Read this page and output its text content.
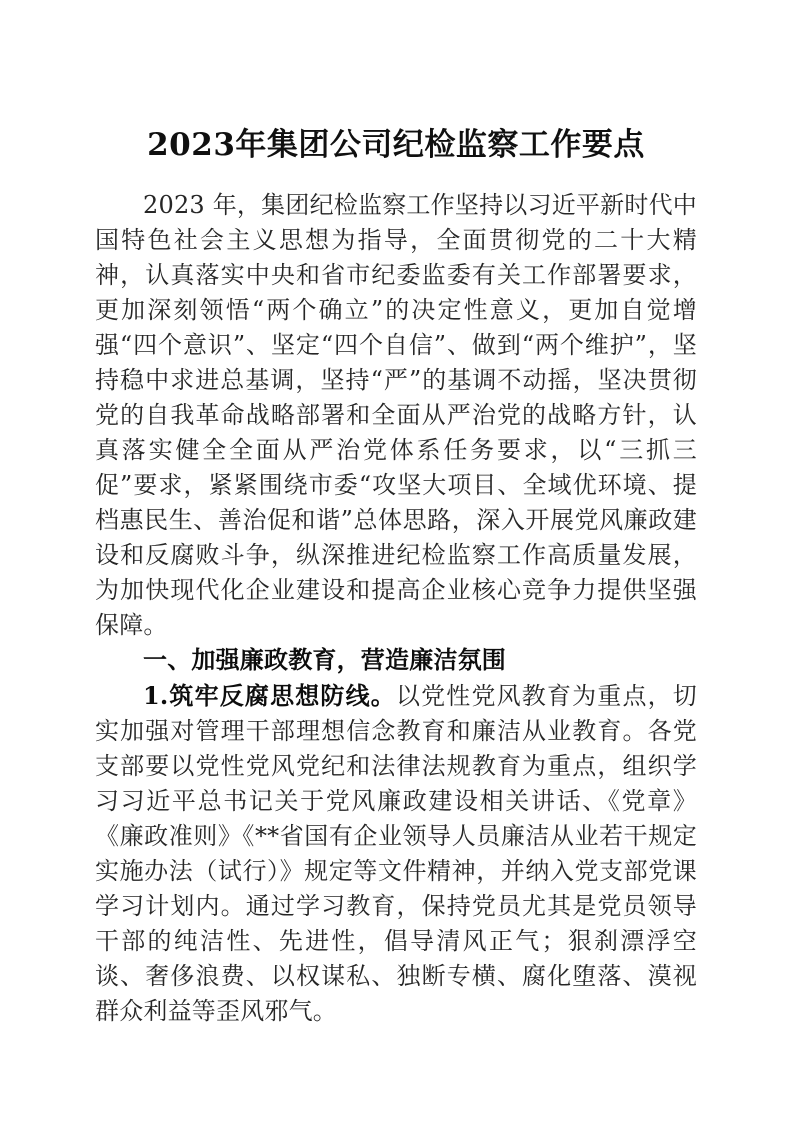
2023年集团公司纪检监察工作要点

2023 年，集团纪检监察工作坚持以习近平新时代中国特色社会主义思想为指导，全面贯彻党的二十大精神，认真落实中央和省市纪委监委有关工作部署要求，更加深刻领悟“两个确立”的决定性意义，更加自觉增强“四个意识”、坚定“四个自信”、做到“两个维护”，坚持稳中求进总基调，坚持“严”的基调不动摇，坚决贯彻党的自我革命战略部署和全面从严治党的战略方针，认真落实健全全面从严治党体系任务要求，以“三抓三促”要求，紧紧围绕市委“攻坚大项目、全域优环境、提档惠民生、善治促和谐”总体思路，深入开展党风廉政建设和反腐败斗争，纵深推进纪检监察工作高质量发展，为加快现代化企业建设和提高企业核心竞争力提供坚强保障。

一、加强廉政教育，营造廉洁氛围

1.筑牢反腐思想防线。以党性党风教育为重点，切实加强对管理干部理想信念教育和廉洁从业教育。各党支部要以党性党风党纪和法律法规教育为重点，组织学习习近平总书记关于党风廉政建设相关讲话、《党章》《廉政准则》《**省国有企业领导人员廉洁从业若干规定实施办法（试行）》规定等文件精神，并纳入党支部党课学习计划内。通过学习教育，保持党员尤其是党员领导干部的纯洁性、先进性，倡导清风正气；狠刹漂浮空谈、奢侈浪费、以权谋私、独断专横、腐化堕落、漠视群众利益等歪风邪气。
